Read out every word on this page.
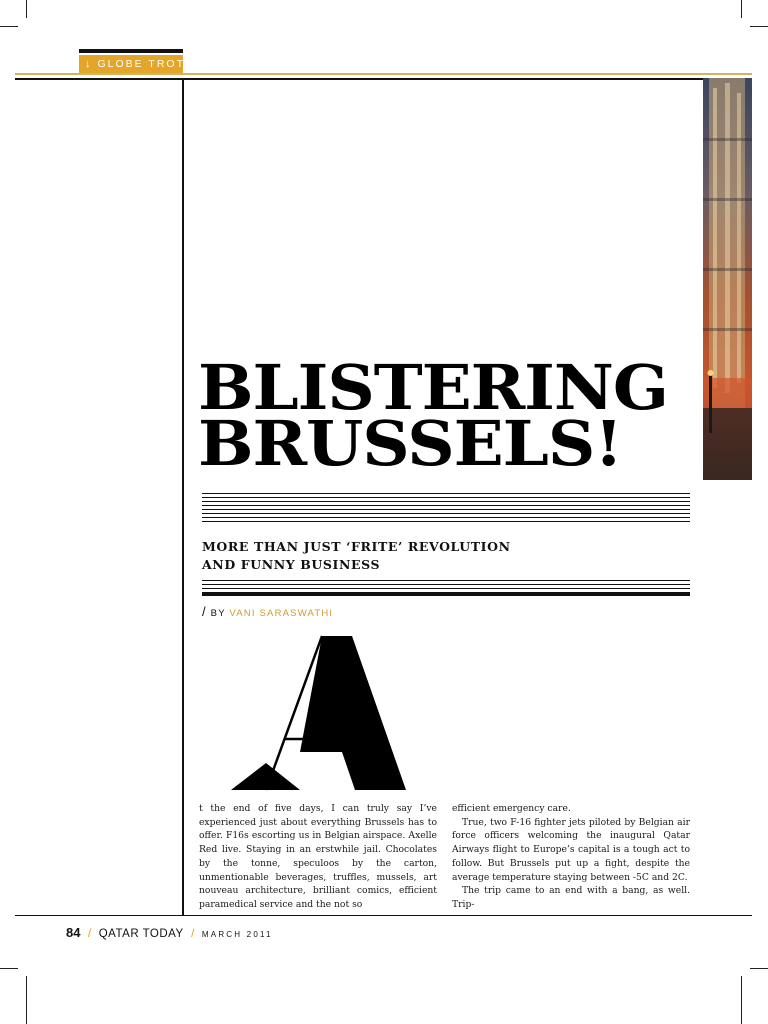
↓ GLOBE TROT
BLISTERING
BRUSSELS!
MORE THAN JUST ‘FRITE’ REVOLUTION
AND FUNNY BUSINESS
/ BY VANI SARASWATHI

t the end of five days, I can truly say I’ve experienced just about everything Brussels has to offer. F16s escorting us in Belgian airspace. Axelle Red live. Staying in an erstwhile jail. Chocolates by the tonne, speculoos by the carton, unmentionable beverages, truffles, mussels, art nouveau architecture, brilliant comics, efficient paramedical service and the not so

efficient emergency care.

True, two F-16 fighter jets piloted by Belgian air force officers welcoming the inaugural Qatar Airways flight to Europe’s capital is a tough act to follow. But Brussels put up a fight, despite the average temperature staying between -5C and 2C.

The trip came to an end with a bang, as well. Trip-

84 / QATAR TODAY / MARCH 2011
